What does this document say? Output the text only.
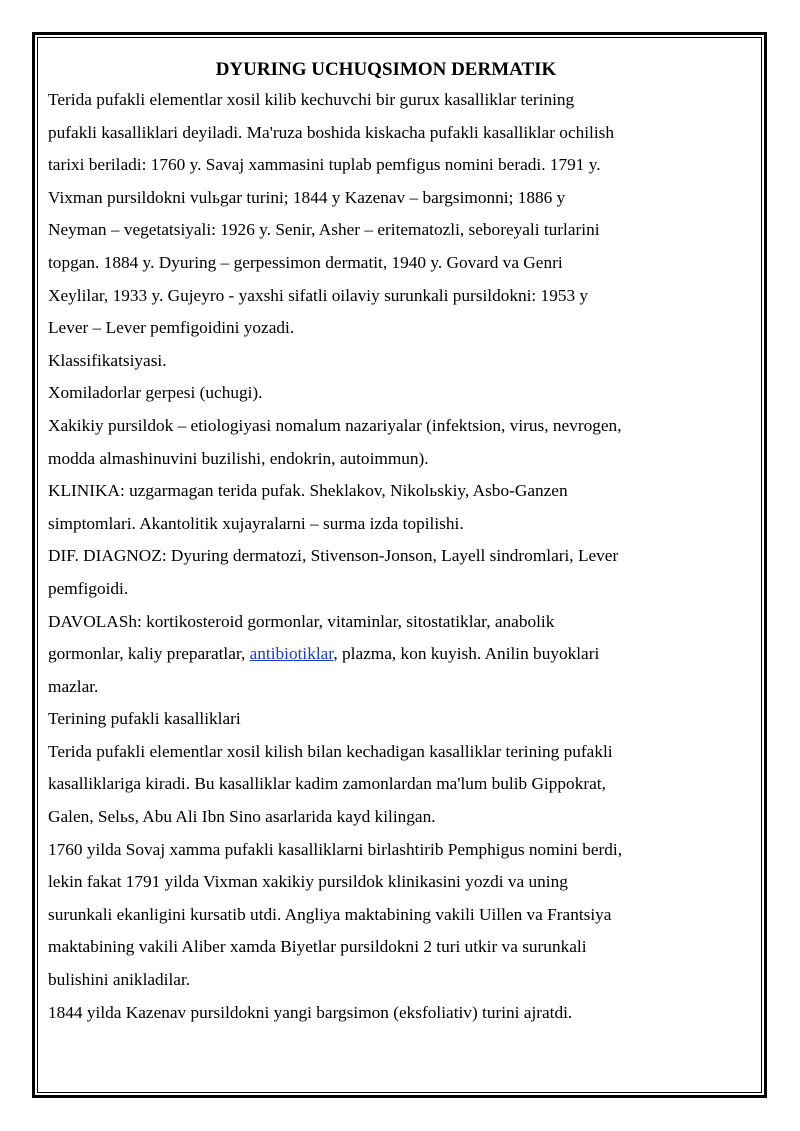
DYURING UCHUQSIMON DERMATIK

Terida pufakli elementlar xosil kilib kechuvchi bir gurux kasalliklar terining
pufakli kasalliklari deyiladi. Ma'ruza boshida kiskacha pufakli kasalliklar ochilish
tarixi beriladi: 1760 y. Savaj xammasini tuplab pemfigus nomini beradi. 1791 y.
Vixman pursildokni vulьgar turini; 1844 y Kazenav – bargsimonni; 1886 y
Neyman – vegetatsiyali: 1926 y. Senir, Asher – eritematozli, seboreyali turlarini
topgan. 1884 y. Dyuring – gerpessimon dermatit, 1940 y. Govard va Genri
Xeylilar, 1933 y. Gujeyro - yaxshi sifatli oilaviy surunkali pursildokni: 1953 y
Lever – Lever pemfigoidini yozadi.

Klassifikatsiyasi.

Xomiladorlar gerpesi (uchugi).

Xakikiy pursildok – etiologiyasi nomalum nazariyalar (infektsion, virus, nevrogen,
modda almashinuvini buzilishi, endokrin, autoimmun).

KLINIKA: uzgarmagan terida pufak. Sheklakov, Nikolьskiy, Asbo-Ganzen
simptomlari. Akantolitik xujayralarni – surma izda topilishi.

DIF. DIAGNOZ: Dyuring dermatozi, Stivenson-Jonson, Layell sindromlari, Lever
pemfigoidi.

DAVOLASh: kortikosteroid gormonlar, vitaminlar, sitostatiklar, anabolik
gormonlar, kaliy preparatlar, antibiotiklar, plazma, kon kuyish. Anilin buyoklari
mazlar.

Terining pufakli kasalliklari

Terida pufakli elementlar xosil kilish bilan kechadigan kasalliklar terining pufakli
kasalliklariga kiradi. Bu kasalliklar kadim zamonlardan ma'lum bulib Gippokrat,
Galen, Selьs, Abu Ali Ibn Sino asarlarida kayd kilingan.

1760 yilda Sovaj xamma pufakli kasalliklarni birlashtirib Pemphigus nomini berdi,
lekin fakat 1791 yilda Vixman xakikiy pursildok klinikasini yozdi va uning
surunkali ekanligini kursatib utdi. Angliya maktabining vakili Uillen va Frantsiya
maktabining vakili Aliber xamda Biyetlar pursildokni 2 turi utkir va surunkali
bulishini anikladilar.

1844 yilda Kazenav pursildokni yangi bargsimon (eksfoliativ) turini ajratdi.
